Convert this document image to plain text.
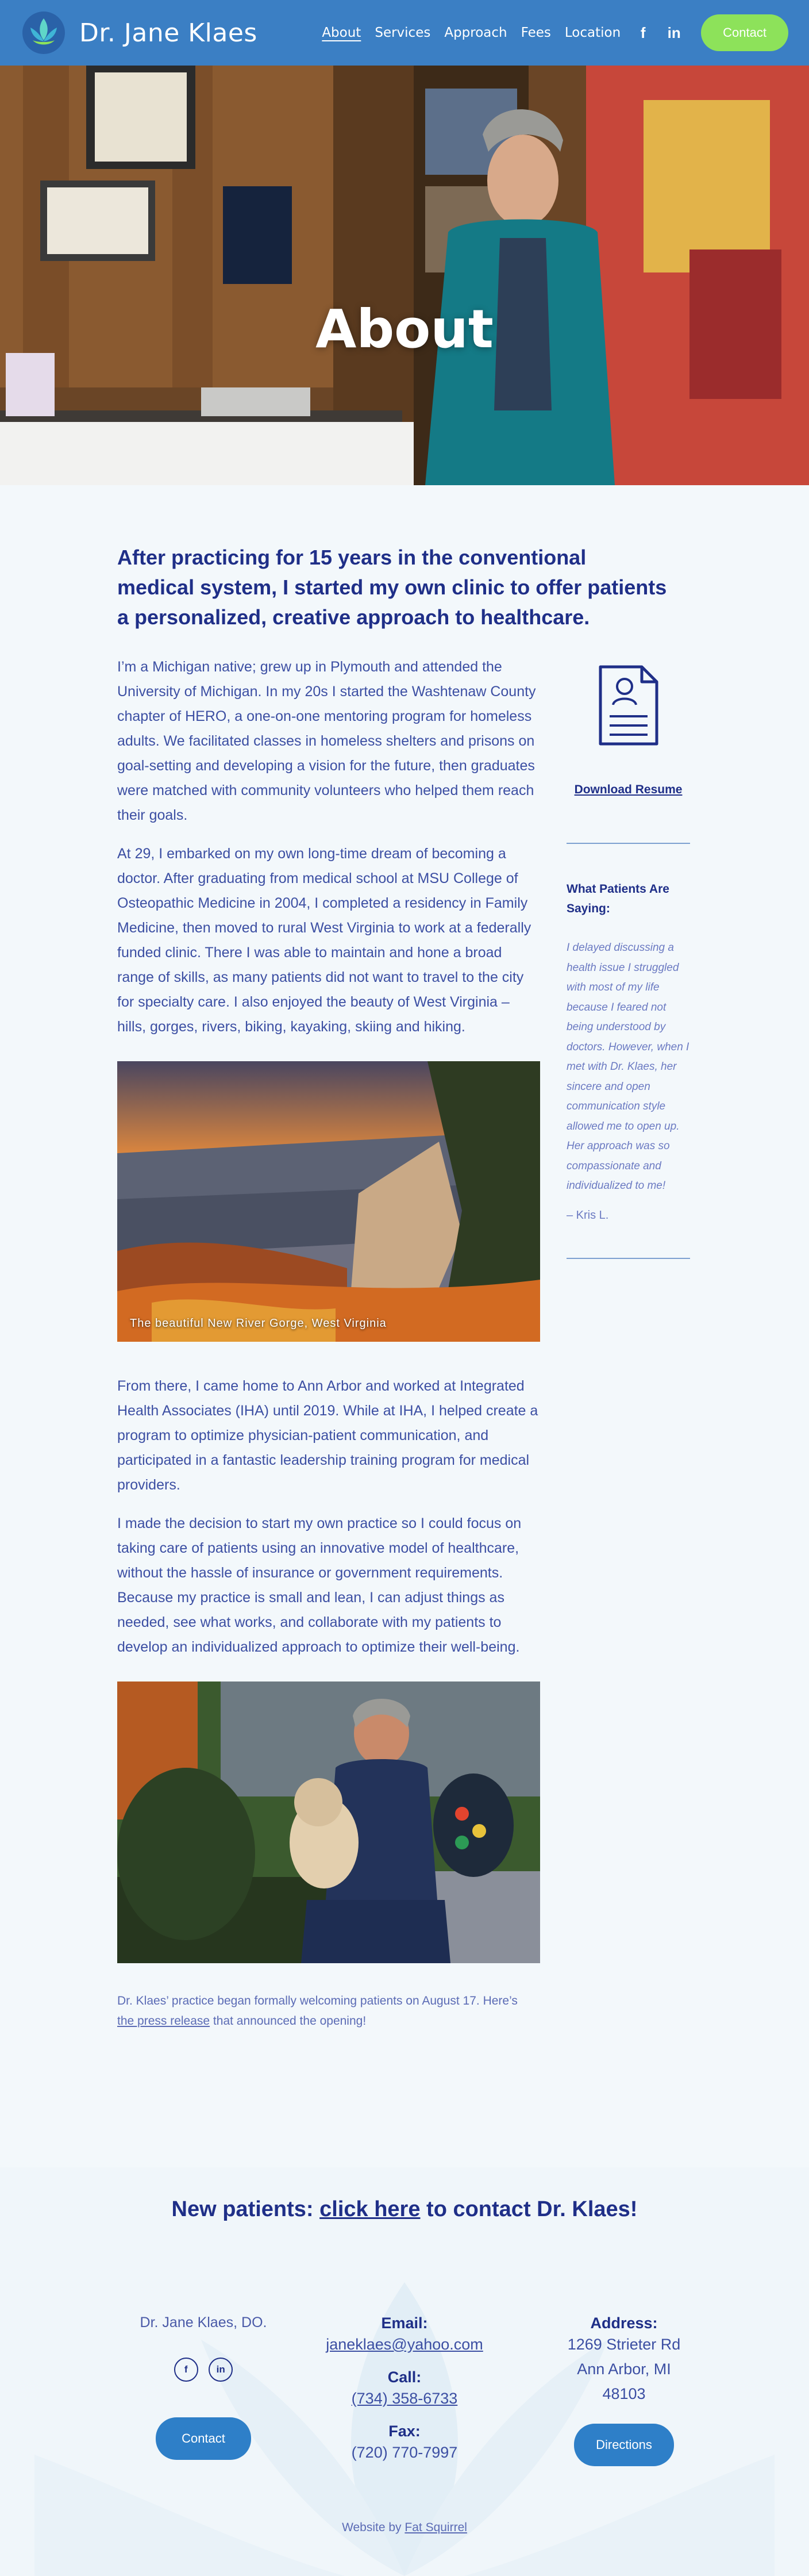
Dr. Jane Klaes	About Services Approach Fees Location	f	in	Contact
About
After practicing for 15 years in the conventional medical system, I started my own clinic to offer patients a personalized, creative approach to healthcare.

I’m a Michigan native; grew up in Plymouth and attended the University of Michigan. In my 20s I started the Washtenaw County chapter of HERO, a one-on-one mentoring program for homeless adults. We facilitated classes in homeless shelters and prisons on goal-setting and developing a vision for the future, then graduates were matched with community volunteers who helped them reach their goals.

At 29, I embarked on my own long-time dream of becoming a doctor. After graduating from medical school at MSU College of Osteopathic Medicine in 2004, I completed a residency in Family Medicine, then moved to rural West Virginia to work at a federally funded clinic. There I was able to maintain and hone a broad range of skills, as many patients did not want to travel to the city for specialty care. I also enjoyed the beauty of West Virginia – hills, gorges, rivers, biking, kayaking, skiing and hiking.

The beautiful New River Gorge, West Virginia

From there, I came home to Ann Arbor and worked at Integrated Health Associates (IHA) until 2019. While at IHA, I helped create a program to optimize physician-patient communication, and participated in a fantastic leadership training program for medical providers.

I made the decision to start my own practice so I could focus on taking care of patients using an innovative model of healthcare, without the hassle of insurance or government requirements. Because my practice is small and lean, I can adjust things as needed, see what works, and collaborate with my patients to develop an individualized approach to optimize their well-being.

Dr. Klaes’ practice began formally welcoming patients on August 17. Here’s
the press release that announced the opening!

Download Resume
What Patients Are Saying:

I delayed discussing a health issue I struggled with most of my life because I feared not being understood by doctors. However, when I met with Dr. Klaes, her sincere and open communication style allowed me to open up. Her approach was so compassionate and individualized to me!

– Kris L.
New patients: click here to contact Dr. Klaes!
Dr. Jane Klaes, DO.
f	in
Contact
Email:
janeklaes@yahoo.com
Call:
(734) 358-6733
Fax:
(720) 770-7997
Address:
1269 Strieter Rd
Ann Arbor, MI
48103
Directions
Website by Fat Squirrel
